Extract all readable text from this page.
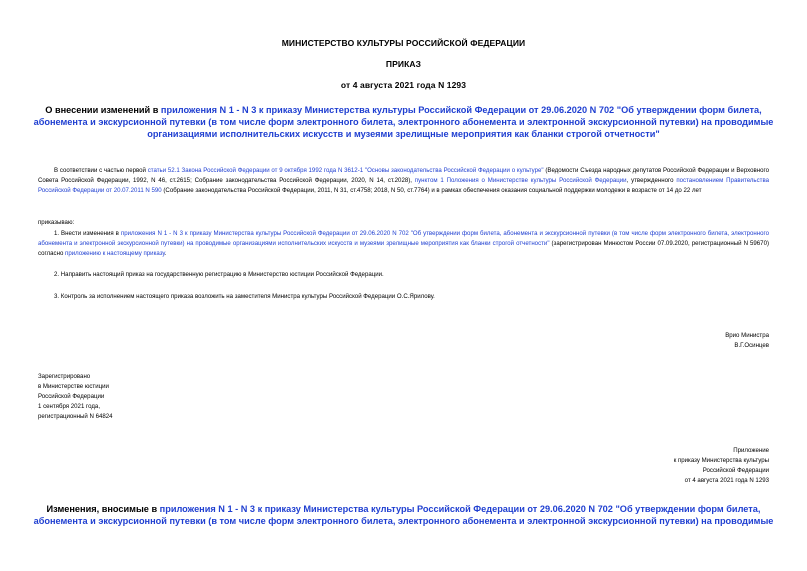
МИНИСТЕРСТВО КУЛЬТУРЫ РОССИЙСКОЙ ФЕДЕРАЦИИ
ПРИКАЗ
от 4 августа 2021 года N 1293
О внесении изменений в приложения N 1 - N 3 к приказу Министерства культуры Российской Федерации от 29.06.2020 N 702 "Об утверждении форм билета, абонемента и экскурсионной путевки (в том числе форм электронного билета, электронного абонемента и электронной экскурсионной путевки) на проводимые организациями исполнительских искусств и музеями зрелищные мероприятия как бланки строгой отчетности"
В соответствии с частью первой статьи 52.1 Закона Российской Федерации от 9 октября 1992 года N 3612-1 "Основы законодательства Российской Федерации о культуре" (Ведомости Съезда народных депутатов Российской Федерации и Верховного Совета Российской Федерации, 1992, N 46, ст.2615; Собрание законодательства Российской Федерации, 2020, N 14, ст.2028), пунктом 1 Положения о Министерстве культуры Российской Федерации, утвержденного постановлением Правительства Российской Федерации от 20.07.2011 N 590 (Собрание законодательства Российской Федерации, 2011, N 31, ст.4758; 2018, N 50, ст.7764) и в рамках обеспечения оказания социальной поддержки молодежи в возрасте от 14 до 22 лет
приказываю:
1. Внести изменения в приложения N 1 - N 3 к приказу Министерства культуры Российской Федерации от 29.06.2020 N 702 "Об утверждении форм билета, абонемента и экскурсионной путевки (в том числе форм электронного билета, электронного абонемента и электронной экскурсионной путевки) на проводимые организациями исполнительских искусств и музеями зрелищные мероприятия как бланки строгой отчетности" (зарегистрирован Минюстом России 07.09.2020, регистрационный N 59670) согласно приложению к настоящему приказу.
2. Направить настоящий приказ на государственную регистрацию в Министерство юстиции Российской Федерации.
3. Контроль за исполнением настоящего приказа возложить на заместителя Министра культуры Российской Федерации О.С.Ярилову.
Врио Министра
В.Г.Осинцев
Зарегистрировано
в Министерстве юстиции
Российской Федерации
1 сентября 2021 года,
регистрационный N 64824
Приложение
к приказу Министерства культуры
Российской Федерации
от 4 августа 2021 года N 1293
Изменения, вносимые в приложения N 1 - N 3 к приказу Министерства культуры Российской Федерации от 29.06.2020 N 702 "Об утверждении форм билета, абонемента и экскурсионной путевки (в том числе форм электронного билета, электронного абонемента и электронной экскурсионной путевки) на проводимые
